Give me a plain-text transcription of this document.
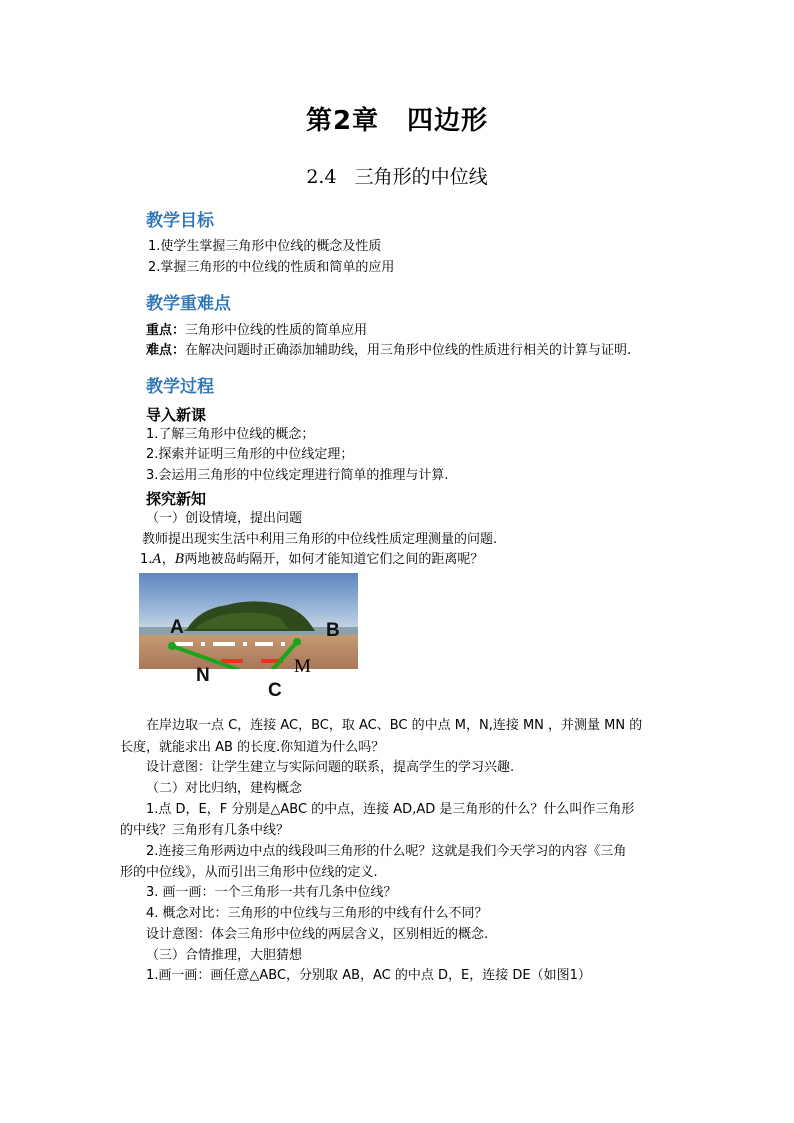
第2章 四边形
2.4 三角形的中位线
教学目标
1.使学生掌握三角形中位线的概念及性质
2.掌握三角形的中位线的性质和简单的应用
教学重难点
重点：三角形中位线的性质的简单应用
难点：在解决问题时正确添加辅助线，用三角形中位线的性质进行相关的计算与证明.
教学过程
导入新课
1.了解三角形中位线的概念；
2.探索并证明三角形的中位线定理；
3.会运用三角形的中位线定理进行简单的推理与计算.
探究新知
（一）创设情境，提出问题
教师提出现实生活中利用三角形的中位线性质定理测量的问题.
1.A，B两地被岛屿隔开，如何才能知道它们之间的距离呢？
A	B
N
C
M
在岸边取一点 C，连接 AC，BC，取 AC、BC 的中点 M，N,连接 MN ，并测量 MN 的
长度，就能求出 AB 的长度.你知道为什么吗？
设计意图：让学生建立与实际问题的联系，提高学生的学习兴趣.
（二）对比归纳，建构概念
1.点 D，E，F 分别是△ABC 的中点，连接 AD,AD 是三角形的什么？什么叫作三角形
的中线？三角形有几条中线？
2.连接三角形两边中点的线段叫三角形的什么呢？这就是我们今天学习的内容《三角
形的中位线》，从而引出三角形中位线的定义.
3. 画一画：一个三角形一共有几条中位线？
4. 概念对比：三角形的中位线与三角形的中线有什么不同？
设计意图：体会三角形中位线的两层含义，区别相近的概念.
（三）合情推理，大胆猜想
1.画一画：画任意△ABC，分别取 AB，AC 的中点 D，E，连接 DE（如图1）
